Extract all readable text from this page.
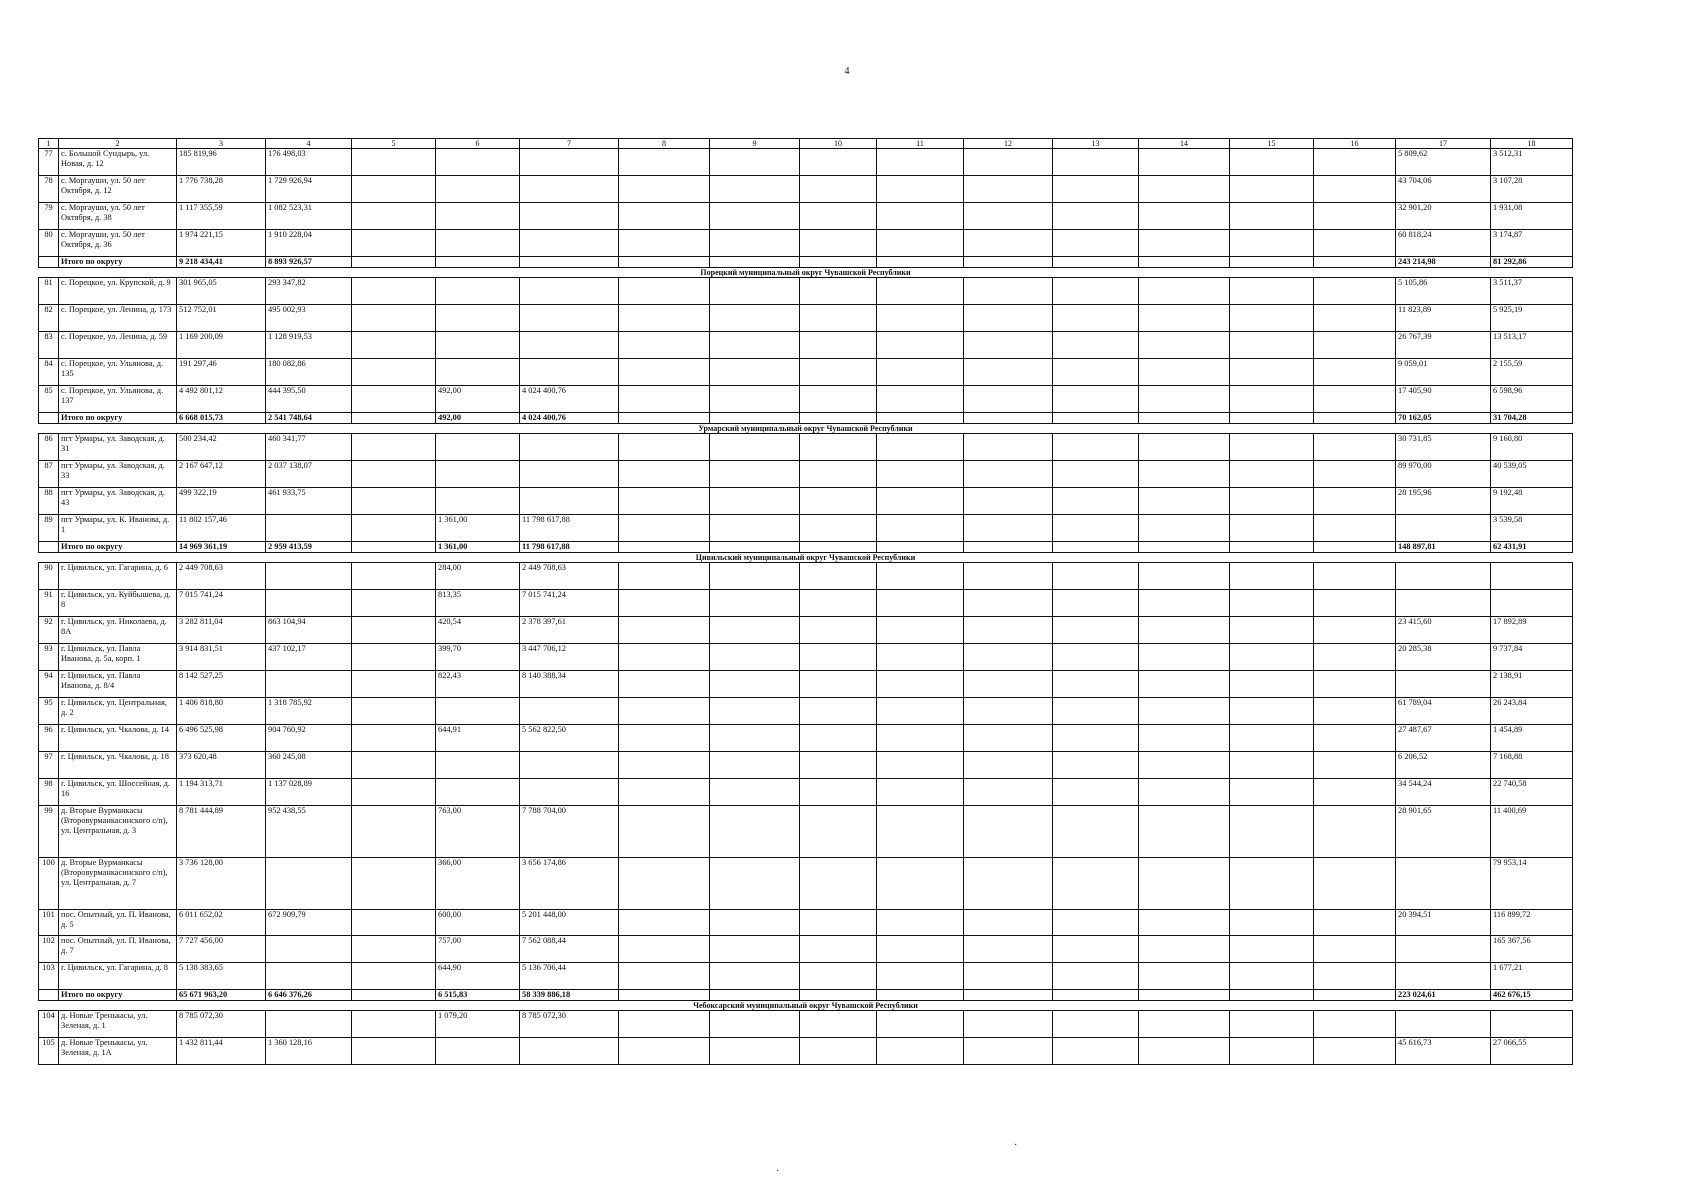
4
1	2	3	4	5	6	7	8	9	10	11	12	13	14	15	16	17	18
77	с. Большой Сундырь, ул. Новая, д. 12	185 819,96	176 498,03													5 809,62	3 512,31
78	с. Моргауши, ул. 50 лет Октября, д. 12	1 776 738,28	1 729 926,94													43 704,06	3 107,28
79	с. Моргауши, ул. 50 лет Октября, д. 38	1 117 355,59	1 082 523,31													32 901,20	1 931,08
80	с. Моргауши, ул. 50 лет Октября, д. 36	1 974 221,15	1 910 228,04													60 818,24	3 174,87
	Итого по округу	9 218 434,41	8 893 926,57													243 214,98	81 292,86
Порецкий муниципальный округ Чувашской Республики																	
81	с. Порецкое, ул. Крупской, д. 9	301 965,05	293 347,82													5 105,86	3 511,37
82	с. Порецкое, ул. Ленина, д. 173	512 752,01	495 002,93													11 823,89	5 925,19
83	с. Порецкое, ул. Ленина, д. 59	1 169 200,09	1 128 919,53													26 767,39	13 513,17
84	с. Порецкое, ул. Ульянова, д. 135	191 297,46	180 082,86													9 059,01	2 155,59
85	с. Порецкое, ул. Ульянова, д. 137	4 492 801,12	444 395,50		492,00	4 024 400,76										17 405,90	6 598,96
	Итого по округу	6 668 015,73	2 541 748,64		492,00	4 024 400,76										70 162,05	31 704,28
Урмарский муниципальный округ Чувашской Республики																	
86	пгт Урмары, ул. Заводская, д. 31	500 234,42	460 341,77													30 731,85	9 160,80
87	пгт Урмары, ул. Заводская, д. 33	2 167 647,12	2 037 138,07													89 970,00	40 539,05
88	пгт Урмары, ул. Заводская, д. 43	499 322,19	461 933,75													28 195,96	9 192,48
89	пгт Урмары, ул. К. Иванова, д. 1	11 802 157,46			1 361,00	11 798 617,88											3 539,58
	Итого по округу	14 969 361,19	2 959 413,59		1 361,00	11 798 617,88										148 897,81	62 431,91
Цивильский муниципальный округ Чувашской Республики																	
90	г. Цивильск, ул. Гагарина, д. 6	2 449 708,63			284,00	2 449 708,63											
91	г. Цивильск, ул. Куйбышева, д. 8	7 015 741,24			813,35	7 015 741,24											
92	г. Цивильск, ул. Николаева, д. 8А	3 282 811,04	863 104,94		420,54	2 378 397,61										23 415,60	17 892,89
93	г. Цивильск, ул. Павла Иванова, д. 5а, корп. 1	3 914 831,51	437 102,17		399,70	3 447 706,12										20 285,38	9 737,84
94	г. Цивильск, ул. Павла Иванова, д. 8/4	8 142 527,25			822,43	8 140 388,34											2 138,91
95	г. Цивильск, ул. Центральная, д. 2	1 406 818,80	1 318 785,92													61 789,04	26 243,84
96	г. Цивильск, ул. Чкалова, д. 14	6 496 525,98	904 760,92		644,91	5 562 822,50										27 487,67	1 454,89
97	г. Цивильск, ул. Чкалова, д. 18	373 620,48	360 245,08													6 206,52	7 168,88
98	г. Цивильск, ул. Шоссейная, д. 16	1 194 313,71	1 137 028,89													34 544,24	22 740,58
99	д. Вторые Вурманкасы (Второвурманкасинского с/п), ул. Центральная, д. 3	8 781 444,89	952 438,55		763,00	7 788 704,00										28 901,65	11 400,69
100	д. Вторые Вурманкасы (Второвурманкасинского с/п), ул. Центральная, д. 7	3 736 128,00			366,00	3 656 174,86											79 953,14
101	пос. Опытный, ул. П. Иванова, д. 5	6 011 652,02	672 909,79		600,00	5 201 448,00										20 394,51	116 899,72
102	пос. Опытный, ул. П. Иванова, д. 7	7 727 456,00			757,00	7 562 088,44											165 367,56
103	г. Цивильск, ул. Гагарина, д. 8	5 138 383,65			644,90	5 136 706,44											1 677,21
	Итого по округу	65 671 963,20	6 646 376,26		6 515,83	58 339 886,18										223 024,61	462 676,15
Чебоксарский муниципальный округ Чувашской Республики																	
104	д. Новые Тренькасы, ул. Зеленая, д. 1	8 785 072,30			1 079,20	8 785 072,30											
105	д. Новые Тренькасы, ул. Зеленая, д. 1А	1 432 811,44	1 360 128,16													45 616,73	27 066,55
·
·
